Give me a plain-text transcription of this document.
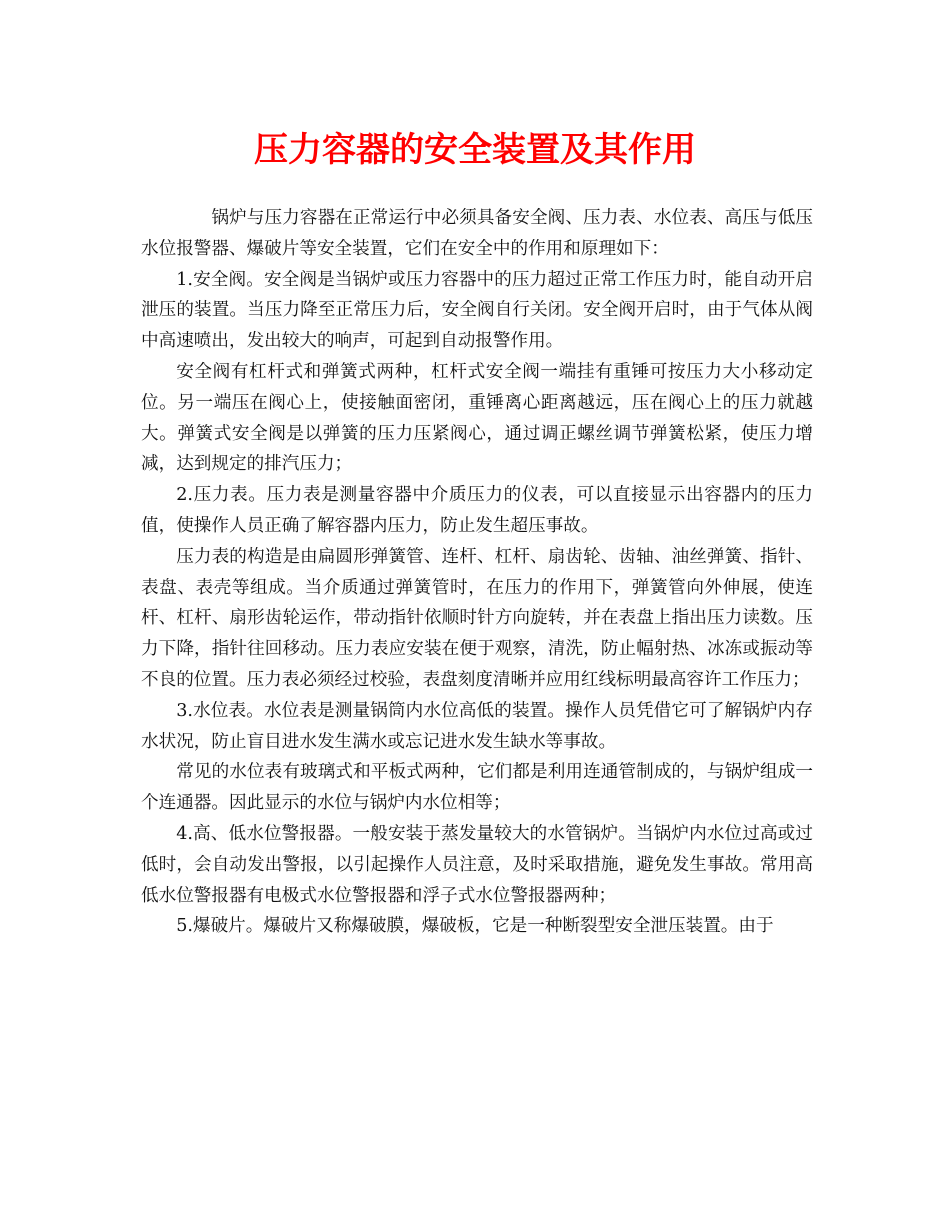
压力容器的安全装置及其作用

锅炉与压力容器在正常运行中必须具备安全阀、压力表、水位表、高压与低压水位报警器、爆破片等安全装置，它们在安全中的作用和原理如下：

1.安全阀。安全阀是当锅炉或压力容器中的压力超过正常工作压力时，能自动开启泄压的装置。当压力降至正常压力后，安全阀自行关闭。安全阀开启时，由于气体从阀中高速喷出，发出较大的响声，可起到自动报警作用。

安全阀有杠杆式和弹簧式两种，杠杆式安全阀一端挂有重锤可按压力大小移动定位。另一端压在阀心上，使接触面密闭，重锤离心距离越远，压在阀心上的压力就越大。弹簧式安全阀是以弹簧的压力压紧阀心，通过调正螺丝调节弹簧松紧，使压力增减，达到规定的排汽压力；

2.压力表。压力表是测量容器中介质压力的仪表，可以直接显示出容器内的压力值，使操作人员正确了解容器内压力，防止发生超压事故。

压力表的构造是由扁圆形弹簧管、连杆、杠杆、扇齿轮、齿轴、油丝弹簧、指针、表盘、表壳等组成。当介质通过弹簧管时，在压力的作用下，弹簧管向外伸展，使连杆、杠杆、扇形齿轮运作，带动指针依顺时针方向旋转，并在表盘上指出压力读数。压力下降，指针往回移动。压力表应安装在便于观察，清洗，防止幅射热、冰冻或振动等不良的位置。压力表必须经过校验，表盘刻度清晰并应用红线标明最高容许工作压力；

3.水位表。水位表是测量锅筒内水位高低的装置。操作人员凭借它可了解锅炉内存水状况，防止盲目进水发生满水或忘记进水发生缺水等事故。

常见的水位表有玻璃式和平板式两种，它们都是利用连通管制成的，与锅炉组成一个连通器。因此显示的水位与锅炉内水位相等；

4.高、低水位警报器。一般安装于蒸发量较大的水管锅炉。当锅炉内水位过高或过低时，会自动发出警报，以引起操作人员注意，及时采取措施，避免发生事故。常用高低水位警报器有电极式水位警报器和浮子式水位警报器两种；

5.爆破片。爆破片又称爆破膜，爆破板，它是一种断裂型安全泄压装置。由于
